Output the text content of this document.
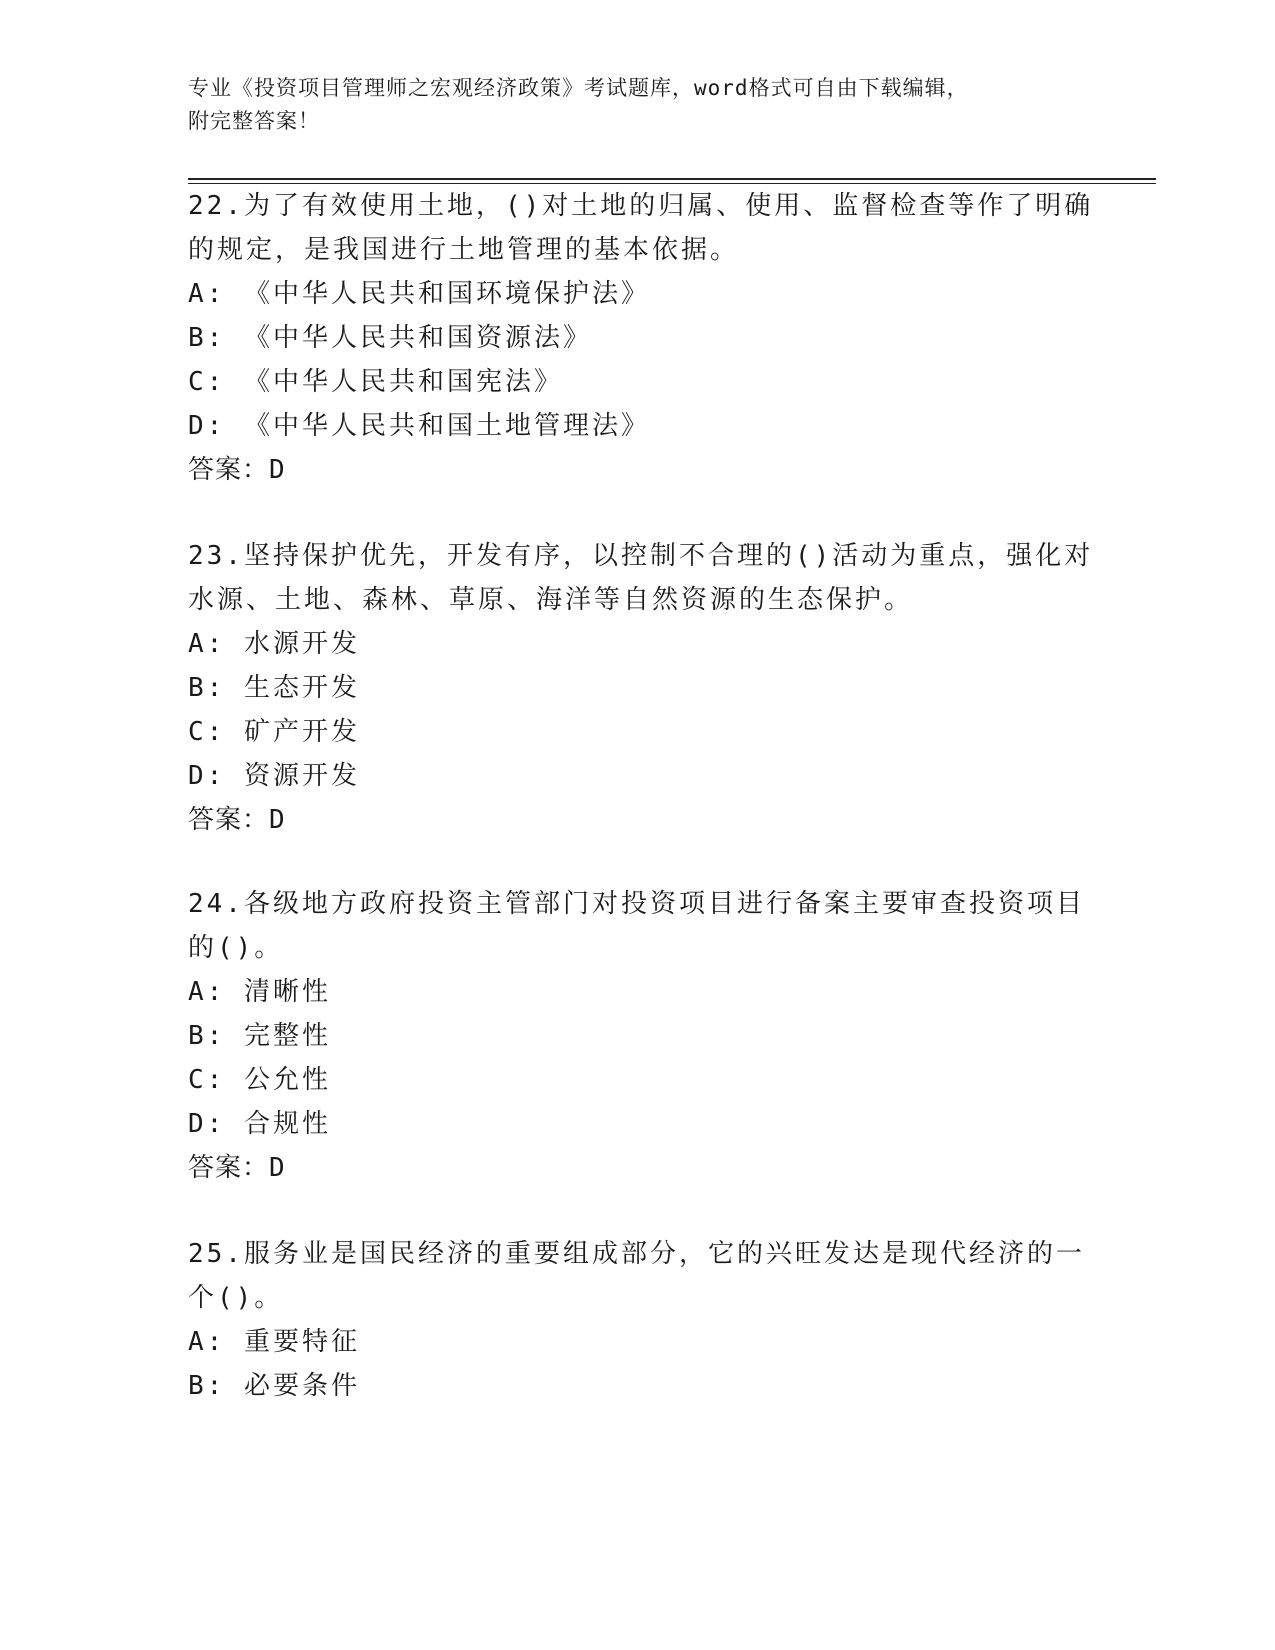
专业《投资项目管理师之宏观经济政策》考试题库，word格式可自由下载编辑，
附完整答案！
22.为了有效使用土地，()对土地的归属、使用、监督检查等作了明确
的规定，是我国进行土地管理的基本依据。
A: 《中华人民共和国环境保护法》
B: 《中华人民共和国资源法》
C: 《中华人民共和国宪法》
D: 《中华人民共和国土地管理法》
答案：D
23.坚持保护优先，开发有序，以控制不合理的()活动为重点，强化对
水源、土地、森林、草原、海洋等自然资源的生态保护。
A: 水源开发
B: 生态开发
C: 矿产开发
D: 资源开发
答案：D
24.各级地方政府投资主管部门对投资项目进行备案主要审查投资项目
的()。
A: 清晰性
B: 完整性
C: 公允性
D: 合规性
答案：D
25.服务业是国民经济的重要组成部分，它的兴旺发达是现代经济的一
个()。
A: 重要特征
B: 必要条件
